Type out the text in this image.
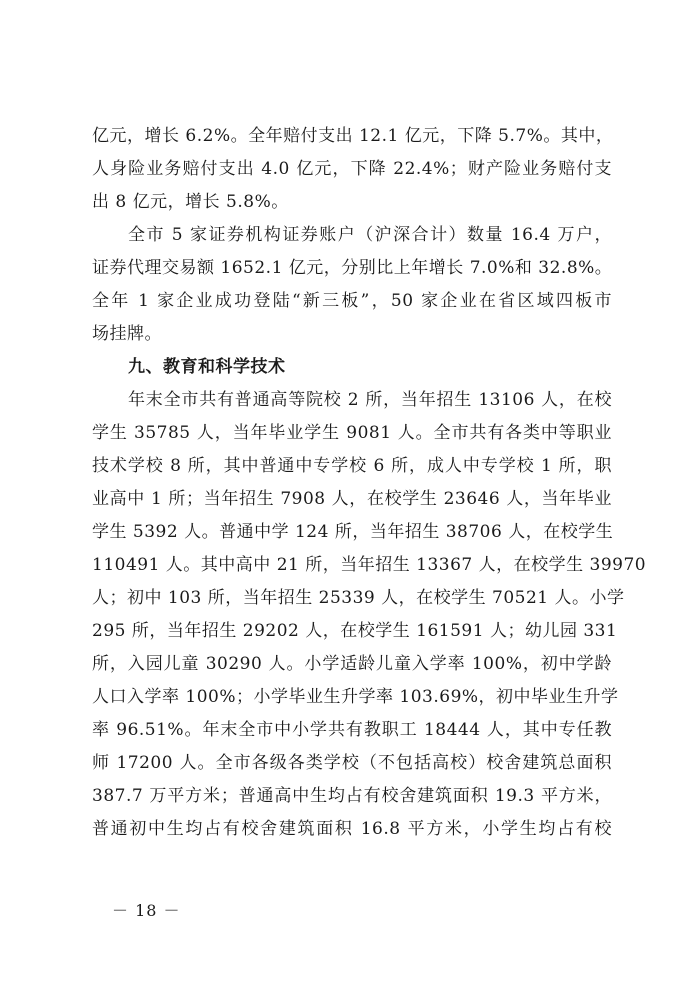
亿元，增长 6.2%。全年赔付支出 12.1 亿元，下降 5.7%。其中，
人身险业务赔付支出 4.0 亿元，下降 22.4%；财产险业务赔付支
出 8 亿元，增长 5.8%。
全市 5 家证券机构证券账户（沪深合计）数量 16.4 万户，
证券代理交易额 1652.1 亿元，分别比上年增长 7.0%和 32.8%。
全年 1 家企业成功登陆“新三板”，50 家企业在省区域四板市
场挂牌。
九、教育和科学技术
年末全市共有普通高等院校 2 所，当年招生 13106 人，在校
学生 35785 人，当年毕业学生 9081 人。全市共有各类中等职业
技术学校 8 所，其中普通中专学校 6 所，成人中专学校 1 所，职
业高中 1 所；当年招生 7908 人，在校学生 23646 人，当年毕业
学生 5392 人。普通中学 124 所，当年招生 38706 人，在校学生
110491 人。其中高中 21 所，当年招生 13367 人，在校学生 39970
人；初中 103 所，当年招生 25339 人，在校学生 70521 人。小学
295 所，当年招生 29202 人，在校学生 161591 人；幼儿园 331
所，入园儿童 30290 人。小学适龄儿童入学率 100%，初中学龄
人口入学率 100%；小学毕业生升学率 103.69%，初中毕业生升学
率 96.51%。年末全市中小学共有教职工 18444 人，其中专任教
师 17200 人。全市各级各类学校（不包括高校）校舍建筑总面积
387.7 万平方米；普通高中生均占有校舍建筑面积 19.3 平方米，
普通初中生均占有校舍建筑面积 16.8 平方米，小学生均占有校
－ 18 －
